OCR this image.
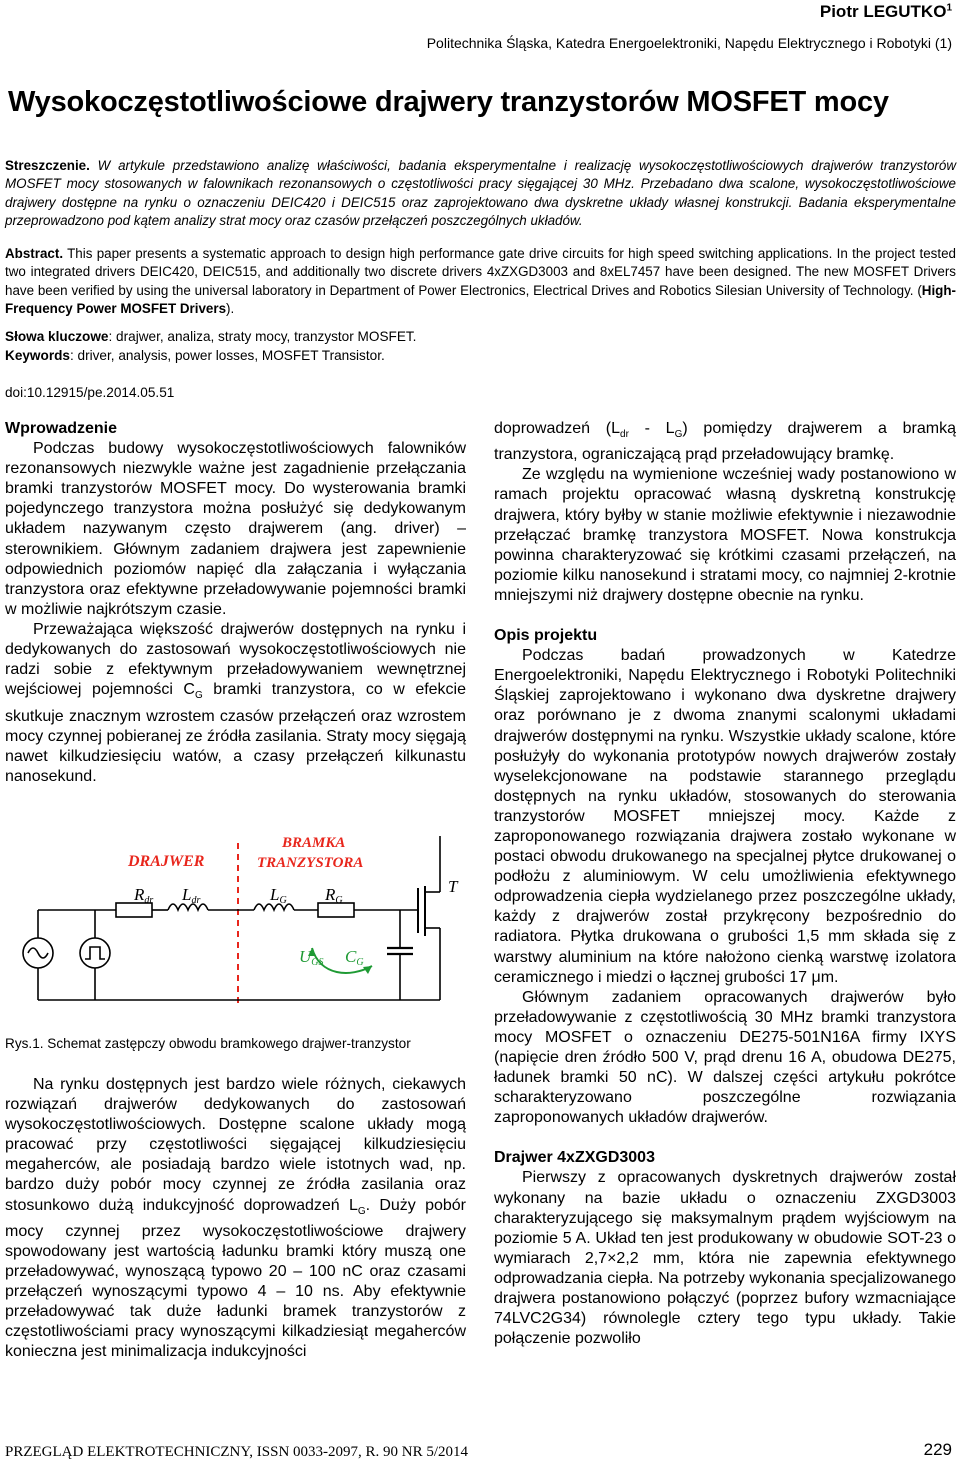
Piotr LEGUTKO$^1$
Politechnika Śląska, Katedra Energoelektroniki, Napędu Elektrycznego i Robotyki (1)
Wysokoczęstotliwościowe drajwery tranzystorów MOSFET mocy
Streszczenie. W artykule przedstawiono analizę właściwości, badania eksperymentalne i realizację wysokoczęstotliwościowych drajwerów tranzystorów MOSFET mocy stosowanych w falownikach rezonansowych o częstotliwości pracy sięgającej 30 MHz. Przebadano dwa scalone, wysokoczęstotliwościowe drajwery dostępne na rynku o oznaczeniu DEIC420 i DEIC515 oraz zaprojektowano dwa dyskretne układy własnej konstrukcji. Badania eksperymentalne przeprowadzono pod kątem analizy strat mocy oraz czasów przełączeń poszczególnych układów.
Abstract. This paper presents a systematic approach to design high performance gate drive circuits for high speed switching applications. In the project tested two integrated drivers DEIC420, DEIC515, and additionally two discrete drivers 4xZXGD3003 and 8xEL7457 have been designed. The new MOSFET Drivers have been verified by using the universal laboratory in Department of Power Electronics, Electrical Drives and Robotics Silesian University of Technology. (High-Frequency Power MOSFET Drivers).
Słowa kluczowe: drajwer, analiza, straty mocy, tranzystor MOSFET.
Keywords: driver, analysis, power losses, MOSFET Transistor.
doi:10.12915/pe.2014.05.51

Wprowadzenie

Podczas budowy wysokoczęstotliwościowych falowników rezonansowych niezwykle ważne jest zagadnienie przełączania bramki tranzystorów MOSFET mocy. Do wysterowania bramki pojedynczego tranzystora można posłużyć się dedykowanym układem nazywanym często drajwerem (ang. driver) – sterownikiem. Głównym zadaniem drajwera jest zapewnienie odpowiednich poziomów napięć dla załączania i wyłączania tranzystora oraz efektywne przeładowywanie pojemności bramki w możliwie najkrótszym czasie.

Przeważająca większość drajwerów dostępnych na rynku i dedykowanych do zastosowań wysokoczęstotliwościowych nie radzi sobie z efektywnym przeładowywaniem wewnętrznej wejściowej pojemności $C_G$ bramki tranzystora, co w efekcie skutkuje znacznym wzrostem czasów przełączeń oraz wzrostem mocy czynnej pobieranej ze źródła zasilania. Straty mocy sięgają nawet kilkudziesięciu watów, a czasy przełączeń kilkunastu nanosekund.

DRAJWER
BRAMKA
TRANZYSTORA
Rdr Ldr	LG RG
T
UGS CG
Rys.1. Schemat zastępczy obwodu bramkowego drajwer-tranzystor

Na rynku dostępnych jest bardzo wiele różnych, ciekawych rozwiązań drajwerów dedykowanych do zastosowań wysokoczęstotliwościowych. Dostępne scalone układy mogą pracować przy częstotliwości sięgającej kilkudziesięciu megaherców, ale posiadają bardzo wiele istotnych wad, np. bardzo duży pobór mocy czynnej ze źródła zasilania oraz stosunkowo dużą indukcyjność doprowadzeń $L_G$. Duży pobór mocy czynnej przez wysokoczęstotliwościowe drajwery spowodowany jest wartością ładunku bramki który muszą one przeładowywać, wynoszącą typowo 20 – 100 nC oraz czasami przełączeń wynoszącymi typowo 4 – 10 ns. Aby efektywnie przeładowywać tak duże ładunki bramek tranzystorów z częstotliwościami pracy wynoszącymi kilkadziesiąt megaherców konieczna jest minimalizacja indukcyjności

doprowadzeń $(L_{dr} - L_G)$ pomiędzy drajwerem a bramką tranzystora, ograniczającą prąd przeładowujący bramkę.

Ze względu na wymienione wcześniej wady postanowiono w ramach projektu opracować własną dyskretną konstrukcję drajwera, który byłby w stanie możliwie efektywnie i niezawodnie przełączać bramkę tranzystora MOSFET. Nowa konstrukcja powinna charakteryzować się krótkimi czasami przełączeń, na poziomie kilku nanosekund i stratami mocy, co najmniej 2-krotnie mniejszymi niż drajwery dostępne obecnie na rynku.

Opis projektu

Podczas badań prowadzonych w Katedrze Energoelektroniki, Napędu Elektrycznego i Robotyki Politechniki Śląskiej zaprojektowano i wykonano dwa dyskretne drajwery oraz porównano je z dwoma znanymi scalonymi układami drajwerów dostępnymi na rynku. Wszystkie układy scalone, które posłużyły do wykonania prototypów nowych drajwerów zostały wyselekcjonowane na podstawie starannego przeglądu dostępnych na rynku układów, stosowanych do sterowania tranzystorów MOSFET mniejszej mocy. Każde z zaproponowanego rozwiązania drajwera zostało wykonane w postaci obwodu drukowanego na specjalnej płytce drukowanej o podłożu z aluminiowym. W celu umożliwienia efektywnego odprowadzenia ciepła wydzielanego przez poszczególne układy, każdy z drajwerów został przykręcony bezpośrednio do radiatora. Płytka drukowana o grubości 1,5 mm składa się z warstwy aluminium na które nałożono cienką warstwę izolatora ceramicznego i miedzi o łącznej grubości 17 μm.

Głównym zadaniem opracowanych drajwerów było przeładowywanie z częstotliwością 30 MHz bramki tranzystora mocy MOSFET o oznaczeniu DE275-501N16A firmy IXYS (napięcie dren źródło 500 V, prąd drenu 16 A, obudowa DE275, ładunek bramki 50 nC). W dalszej części artykułu pokrótce scharakteryzowano poszczególne rozwiązania zaproponowanych układów drajwerów.

Drajwer 4xZXGD3003

Pierwszy z opracowanych dyskretnych drajwerów został wykonany na bazie układu o oznaczeniu ZXGD3003 charakteryzującego się maksymalnym prądem wyjściowym na poziomie 5 A. Układ ten jest produkowany w obudowie SOT-23 o wymiarach 2,7×2,2 mm, która nie zapewnia efektywnego odprowadzania ciepła. Na potrzeby wykonania specjalizowanego drajwera postanowiono połączyć (poprzez bufory wzmacniające 74LVC2G34) równolegle cztery tego typu układy. Takie połączenie pozwoliło

PRZEGLĄD ELEKTROTECHNICZNY, ISSN 0033-2097, R. 90 NR 5/2014	229
